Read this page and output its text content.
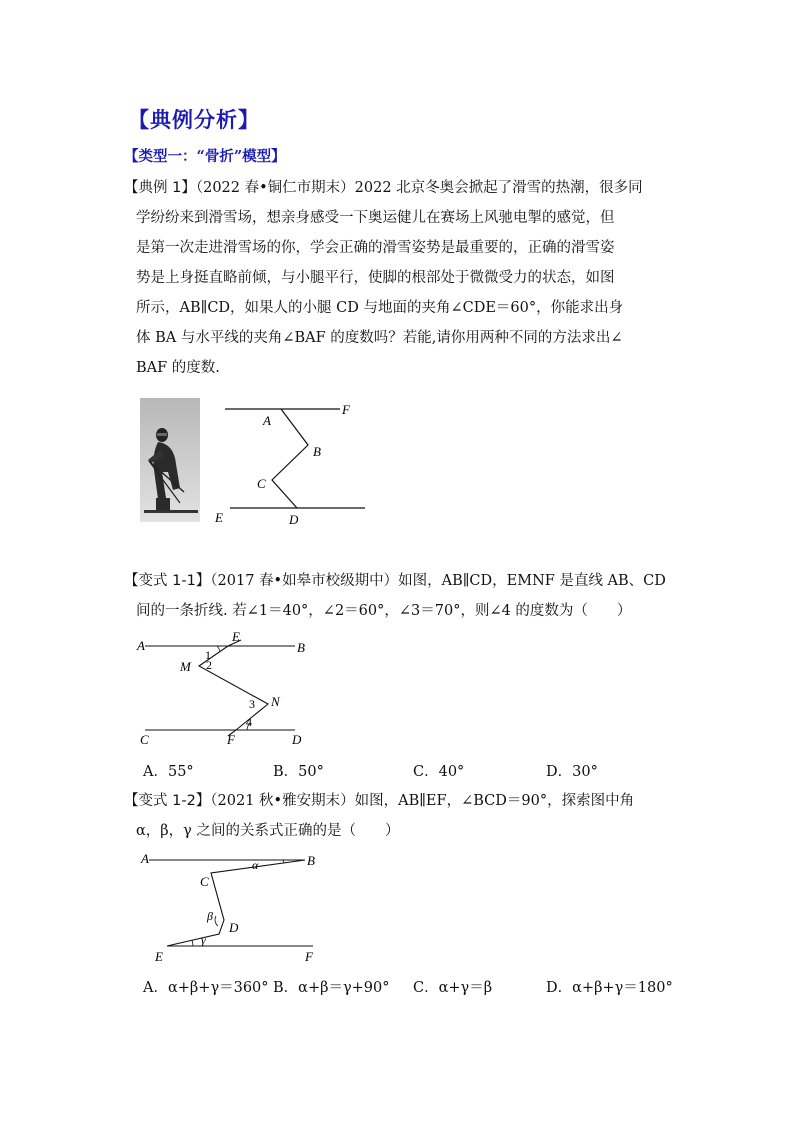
【典例分析】
【类型一：“骨折”模型】
【典例 1】（2022 春•铜仁市期末）2022 北京冬奥会掀起了滑雪的热潮，很多同
学纷纷来到滑雪场，想亲身感受一下奥运健儿在赛场上风驰电掣的感觉，但
是第一次走进滑雪场的你，学会正确的滑雪姿势是最重要的，正确的滑雪姿
势是上身挺直略前倾，与小腿平行，使脚的根部处于微微受力的状态，如图
所示，AB∥CD，如果人的小腿 CD 与地面的夹角∠CDE＝60°，你能求出身
体 BA 与水平线的夹角∠BAF 的度数吗？若能,请你用两种不同的方法求出∠
BAF 的度数.
A
F
B
C
E	D
【变式 1-1】（2017 春•如皋市校级期中）如图，AB∥CD，EMNF 是直线 AB、CD
间的一条折线. 若∠1＝40°，∠2＝60°，∠3＝70°，则∠4 的度数为（　　）
A
E
B
M
N
C	F	D
1
2
3
4
A．55°	B．50°	C．40°	D．30°
【变式 1-2】（2021 秋•雅安期末）如图，AB∥EF，∠BCD＝90°，探索图中角
α，β，γ 之间的关系式正确的是（　　）
A	B
C
D
E	F
α
β
γ
A．α+β+γ＝360° B．α+β＝γ+90° C．α+γ＝β	D．α+β+γ＝180°
